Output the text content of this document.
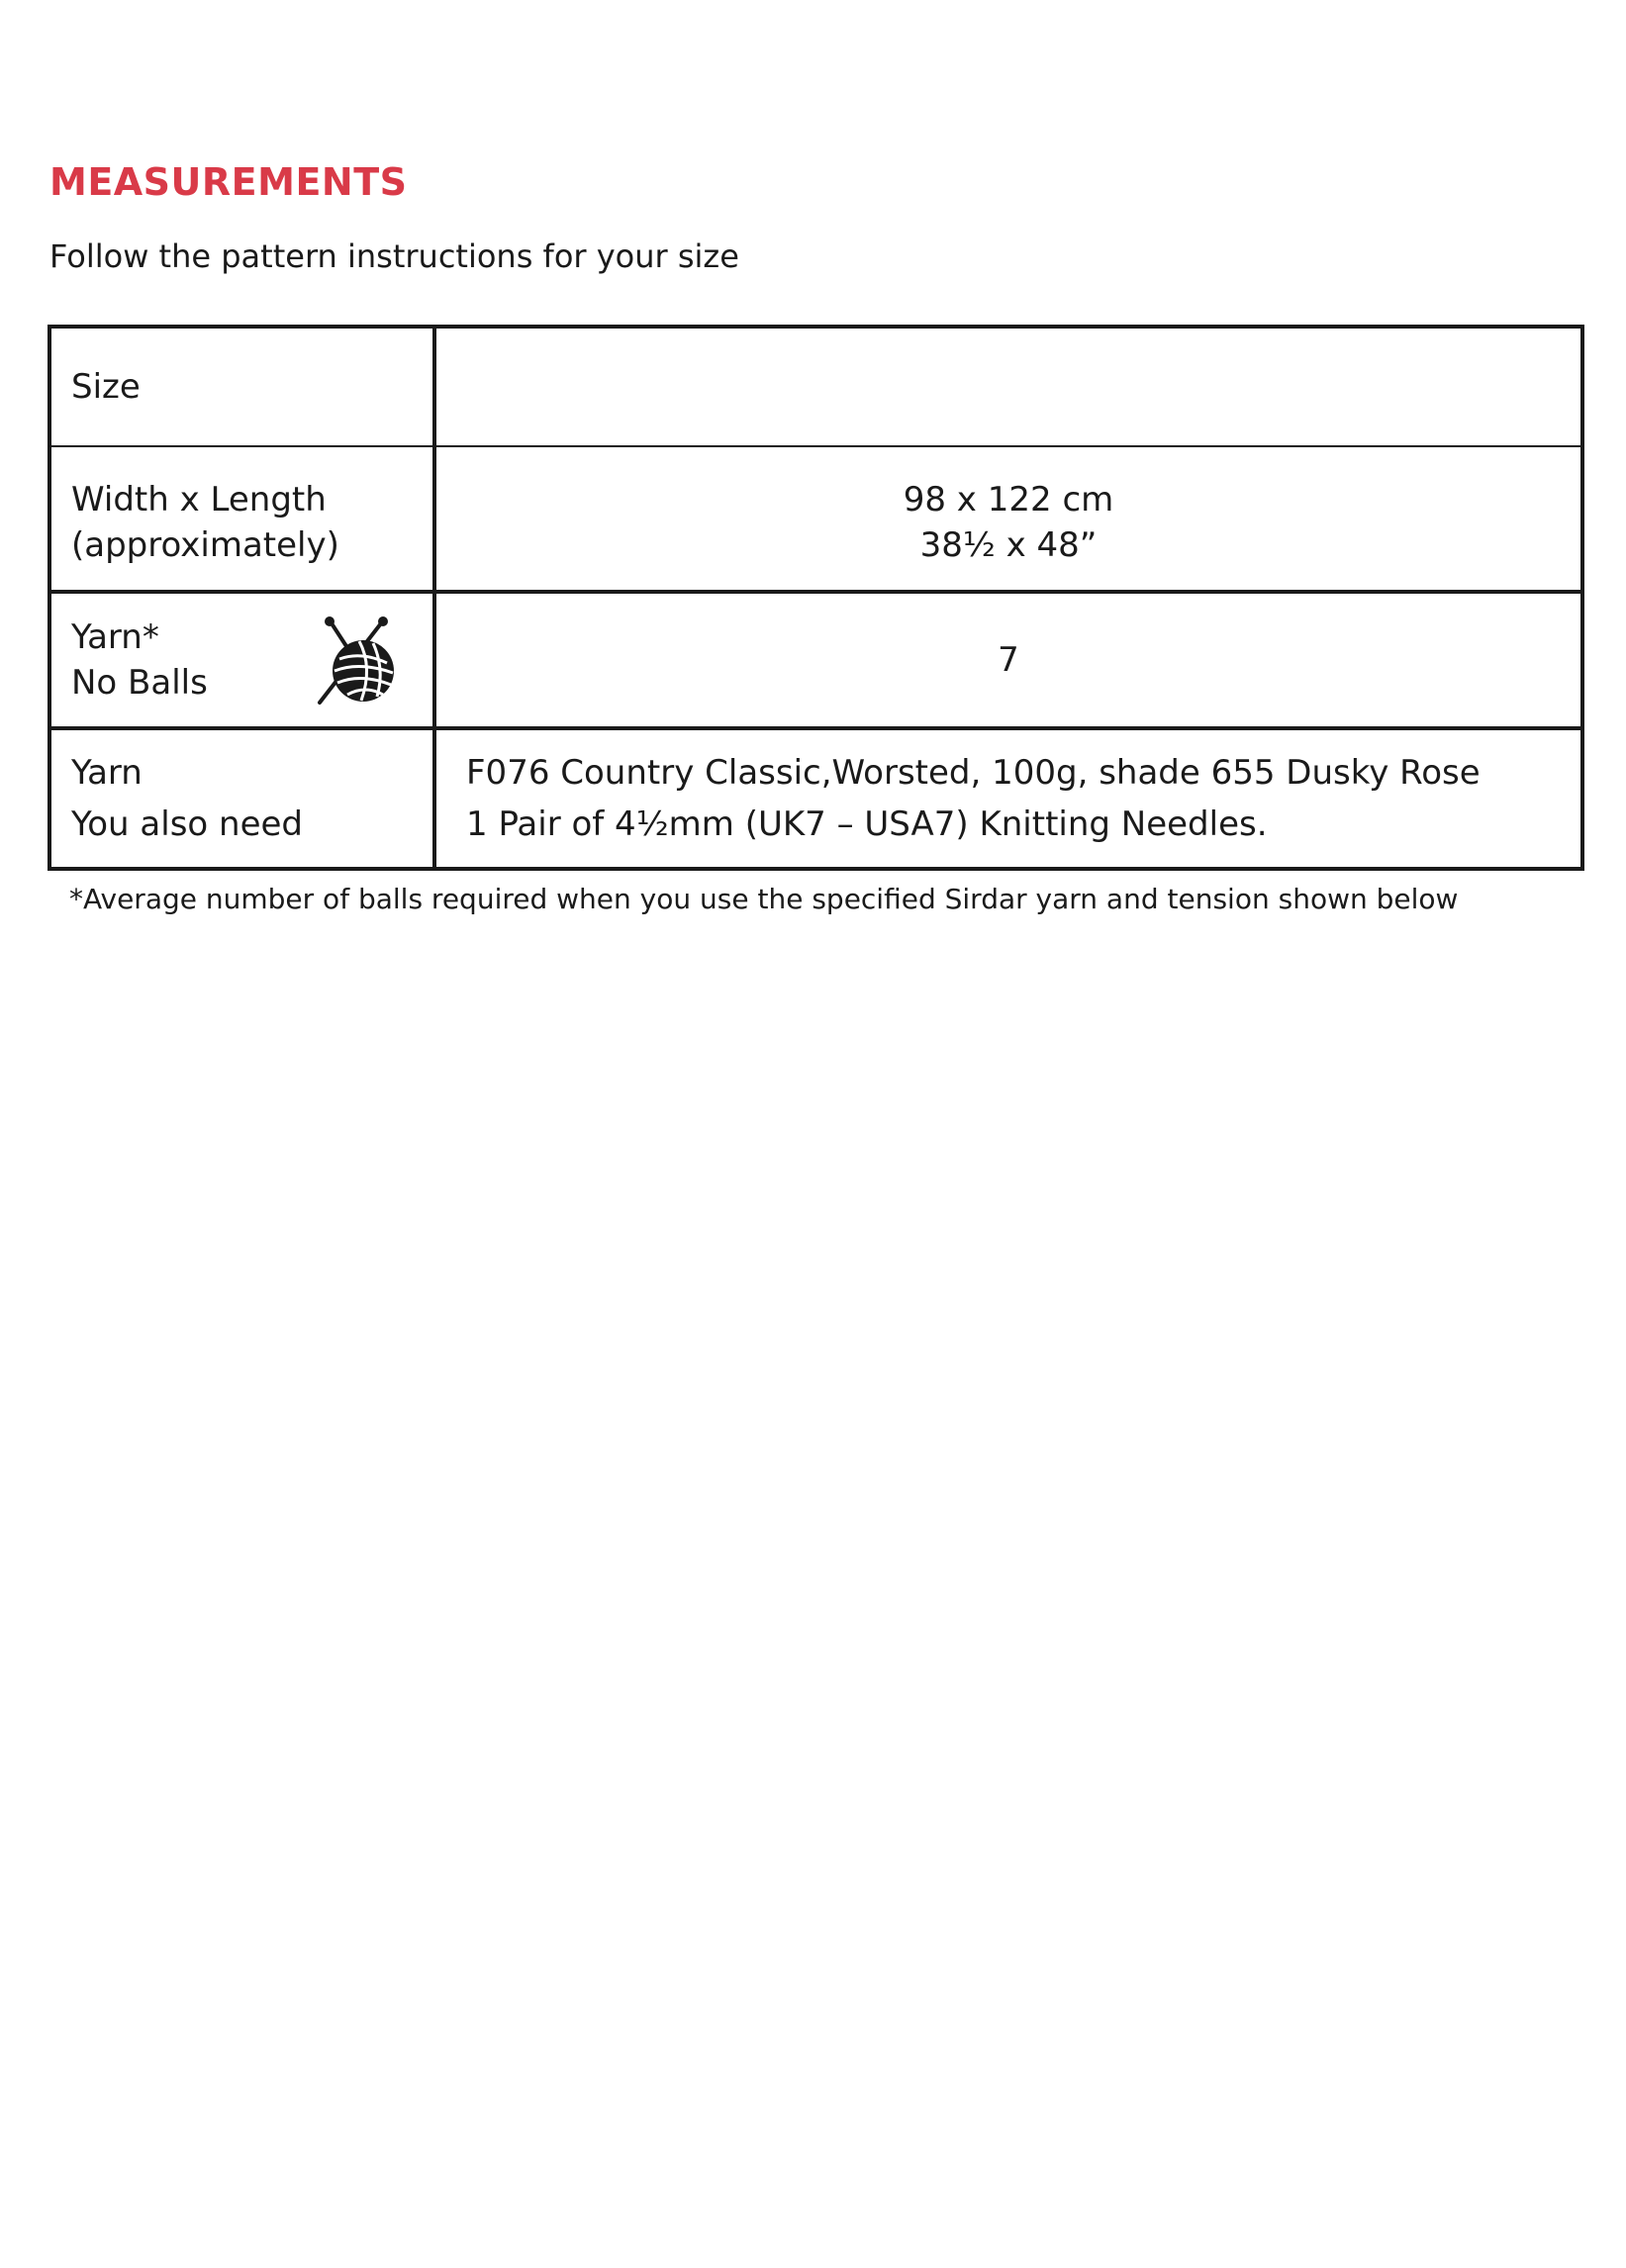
MEASUREMENTS

Follow the pattern instructions for your size

Size	

Width x Length
(approximately)	98 x 122 cm
38½ x 48”

Yarn*
No Balls	7

Yarn
You also need	F076 Country Classic,Worsted, 100g, shade 655 Dusky Rose
1 Pair of 4½mm (UK7 – USA7) Knitting Needles.

*Average number of balls required when you use the specified Sirdar yarn and tension shown below
